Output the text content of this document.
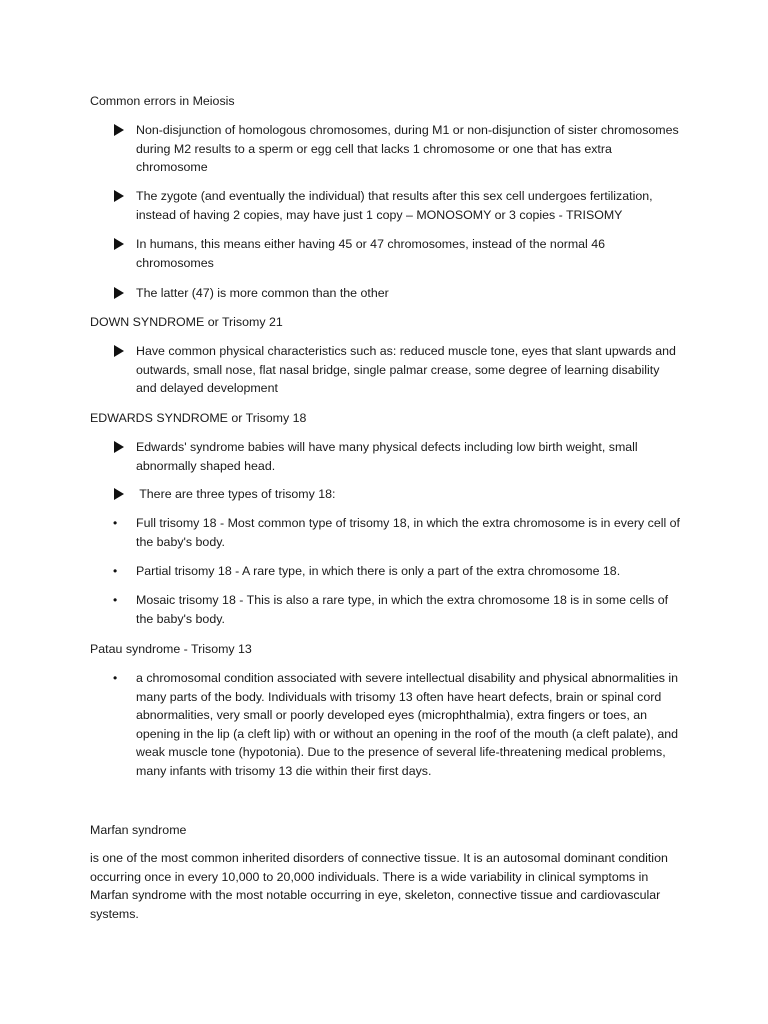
Common errors in Meiosis
Non-disjunction of homologous chromosomes, during M1 or non-disjunction of sister chromosomes during M2 results to a sperm or egg cell that lacks 1 chromosome or one that has extra chromosome
The zygote (and eventually the individual) that results after this sex cell undergoes fertilization, instead of having 2 copies, may have just 1 copy – MONOSOMY or 3 copies - TRISOMY
In humans, this means either having 45 or 47 chromosomes, instead of the normal 46 chromosomes
The latter (47) is more common than the other
DOWN SYNDROME or Trisomy 21
Have common physical characteristics such as: reduced muscle tone, eyes that slant upwards and outwards, small nose, flat nasal bridge, single palmar crease, some degree of learning disability and delayed development
EDWARDS SYNDROME or Trisomy 18
Edwards' syndrome babies will have many physical defects including low birth weight, small abnormally shaped head.
There are three types of trisomy 18:
• Full trisomy 18 - Most common type of trisomy 18, in which the extra chromosome is in every cell of the baby's body.
• Partial trisomy 18 - A rare type, in which there is only a part of the extra chromosome 18.
• Mosaic trisomy 18 - This is also a rare type, in which the extra chromosome 18 is in some cells of the baby's body.
Patau syndrome - Trisomy 13
• a chromosomal condition associated with severe intellectual disability and physical abnormalities in many parts of the body. Individuals with trisomy 13 often have heart defects, brain or spinal cord abnormalities, very small or poorly developed eyes (microphthalmia), extra fingers or toes, an opening in the lip (a cleft lip) with or without an opening in the roof of the mouth (a cleft palate), and weak muscle tone (hypotonia). Due to the presence of several life-threatening medical problems, many infants with trisomy 13 die within their first days.
Marfan syndrome
is one of the most common inherited disorders of connective tissue. It is an autosomal dominant condition occurring once in every 10,000 to 20,000 individuals. There is a wide variability in clinical symptoms in Marfan syndrome with the most notable occurring in eye, skeleton, connective tissue and cardiovascular systems.
